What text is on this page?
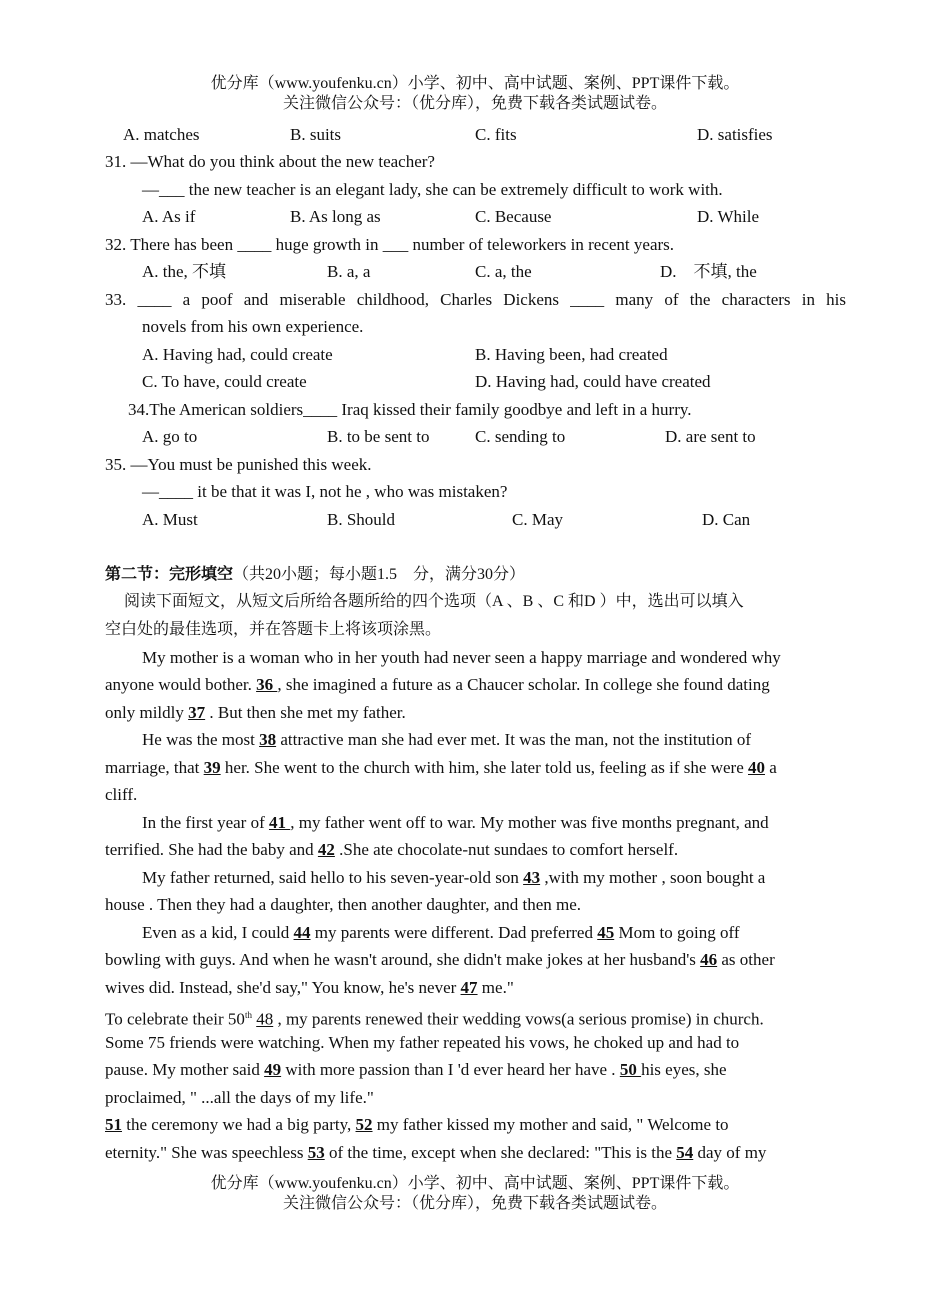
优分库（www.youfenku.cn）小学、初中、高中试题、案例、PPT课件下载。
关注微信公众号：（优分库），免费下载各类试题试卷。
A. matches	B. suits	C. fits	D. satisfies
31. —What do you think about the new teacher?
—___ the new teacher is an elegant lady, she can be extremely difficult to work with.
A. As if	B. As long as	C. Because	D. While
32. There has been ____ huge growth in ___ number of teleworkers in recent years.
A. the, 不填	B. a, a	C. a, the	D.　不填, the
33. ____ a poof and miserable childhood, Charles Dickens ____ many of the characters in his
novels from his own experience.
A. Having had, could create	B. Having been, had created
C. To have, could create	D. Having had, could have created
34.The American soldiers____ Iraq kissed their family goodbye and left in a hurry.
A. go to	B. to be sent to	C. sending to	D. are sent to
35. —You must be punished this week.
—____ it be that it was I, not he , who was mistaken?
A. Must	B. Should	C. May	D. Can
第二节：完形填空（共20小题；每小题1.5　分，满分30分）
阅读下面短文，从短文后所给各题所给的四个选项（A 、B 、C 和D ）中，选出可以填入
空白处的最佳选项，并在答题卡上将该项涂黑。
My mother is a woman who in her youth had never seen a happy marriage and wondered why
anyone would bother. 36 , she imagined a future as a Chaucer scholar. In college she found dating
only mildly 37 . But then she met my father.
He was the most 38 attractive man she had ever met. It was the man, not the institution of
marriage, that 39 her. She went to the church with him, she later told us, feeling as if she were 40 a
cliff.
In the first year of 41 , my father went off to war. My mother was five months pregnant, and
terrified. She had the baby and 42 .She ate chocolate-nut sundaes to comfort herself.
My father returned, said hello to his seven-year-old son 43 ,with my mother , soon bought a
house . Then they had a daughter, then another daughter, and then me.
Even as a kid, I could 44 my parents were different. Dad preferred 45 Mom to going off
bowling with guys. And when he wasn't around, she didn't make jokes at her husband's 46 as other
wives did. Instead, she'd say," You know, he's never 47 me."
To celebrate their 50th 48 , my parents renewed their wedding vows(a serious promise) in church.
Some 75 friends were watching. When my father repeated his vows, he choked up and had to
pause. My mother said 49 with more passion than I 'd ever heard her have . 50 his eyes, she
proclaimed, " ...all the days of my life."
51 the ceremony we had a big party, 52 my father kissed my mother and said, " Welcome to
eternity." She was speechless 53 of the time, except when she declared: "This is the 54 day of my
优分库（www.youfenku.cn）小学、初中、高中试题、案例、PPT课件下载。
关注微信公众号：（优分库），免费下载各类试题试卷。
